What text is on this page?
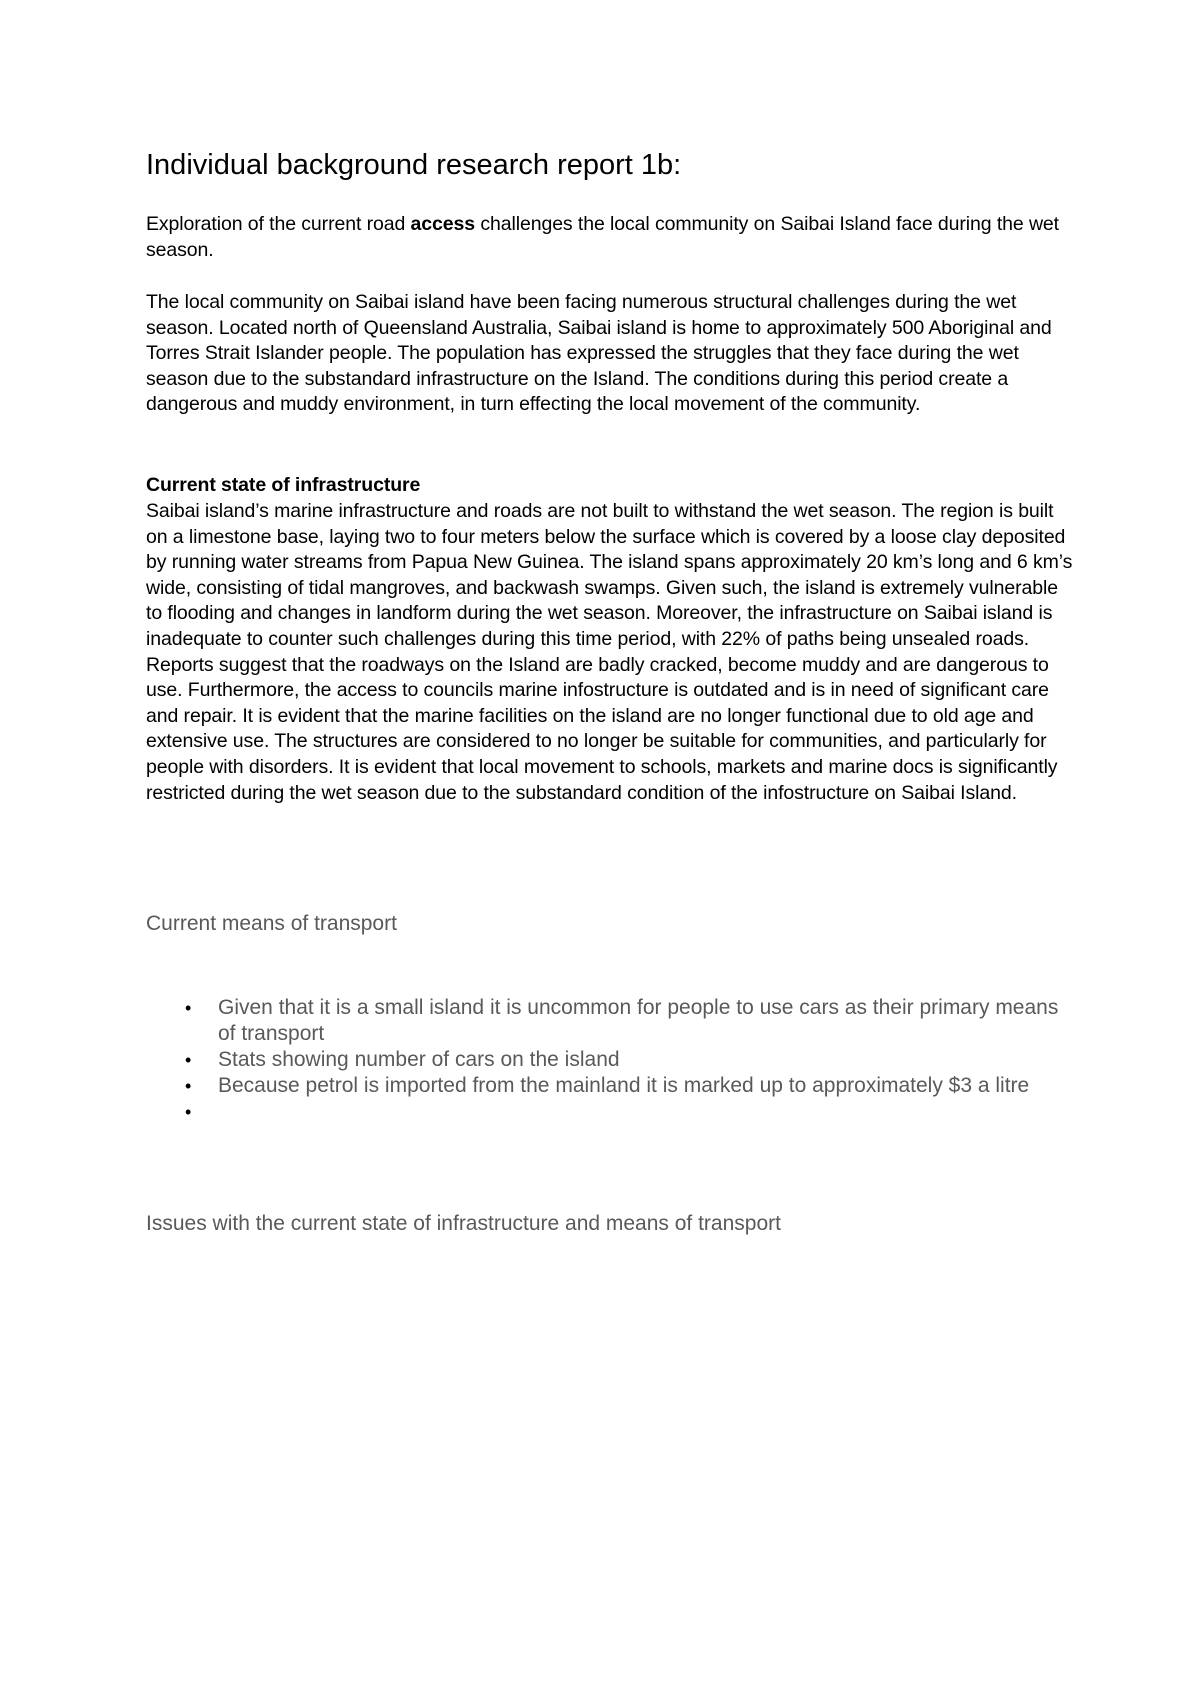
Individual background research report 1b:

Exploration of the current road access challenges the local community on Saibai Island face during the wet season.

The local community on Saibai island have been facing numerous structural challenges during the wet season. Located north of Queensland Australia, Saibai island is home to approximately 500 Aboriginal and Torres Strait Islander people. The population has expressed the struggles that they face during the wet season due to the substandard infrastructure on the Island. The conditions during this period create a dangerous and muddy environment, in turn effecting the local movement of the community.

Current state of infrastructure

Saibai island’s marine infrastructure and roads are not built to withstand the wet season. The region is built on a limestone base, laying two to four meters below the surface which is covered by a loose clay deposited by running water streams from Papua New Guinea. The island spans approximately 20 km’s long and 6 km’s wide, consisting of tidal mangroves, and backwash swamps. Given such, the island is extremely vulnerable to flooding and changes in landform during the wet season. Moreover, the infrastructure on Saibai island is inadequate to counter such challenges during this time period, with 22% of paths being unsealed roads. Reports suggest that the roadways on the Island are badly cracked, become muddy and are dangerous to use. Furthermore, the access to councils marine infostructure is outdated and is in need of significant care and repair. It is evident that the marine facilities on the island are no longer functional due to old age and extensive use. The structures are considered to no longer be suitable for communities, and particularly for people with disorders. It is evident that local movement to schools, markets and marine docs is significantly restricted during the wet season due to the substandard condition of the infostructure on Saibai Island.

Current means of transport
• Given that it is a small island it is uncommon for people to use cars as their primary means of transport
• Stats showing number of cars on the island
• Because petrol is imported from the mainland it is marked up to approximately $3 a litre
•
Issues with the current state of infrastructure and means of transport
